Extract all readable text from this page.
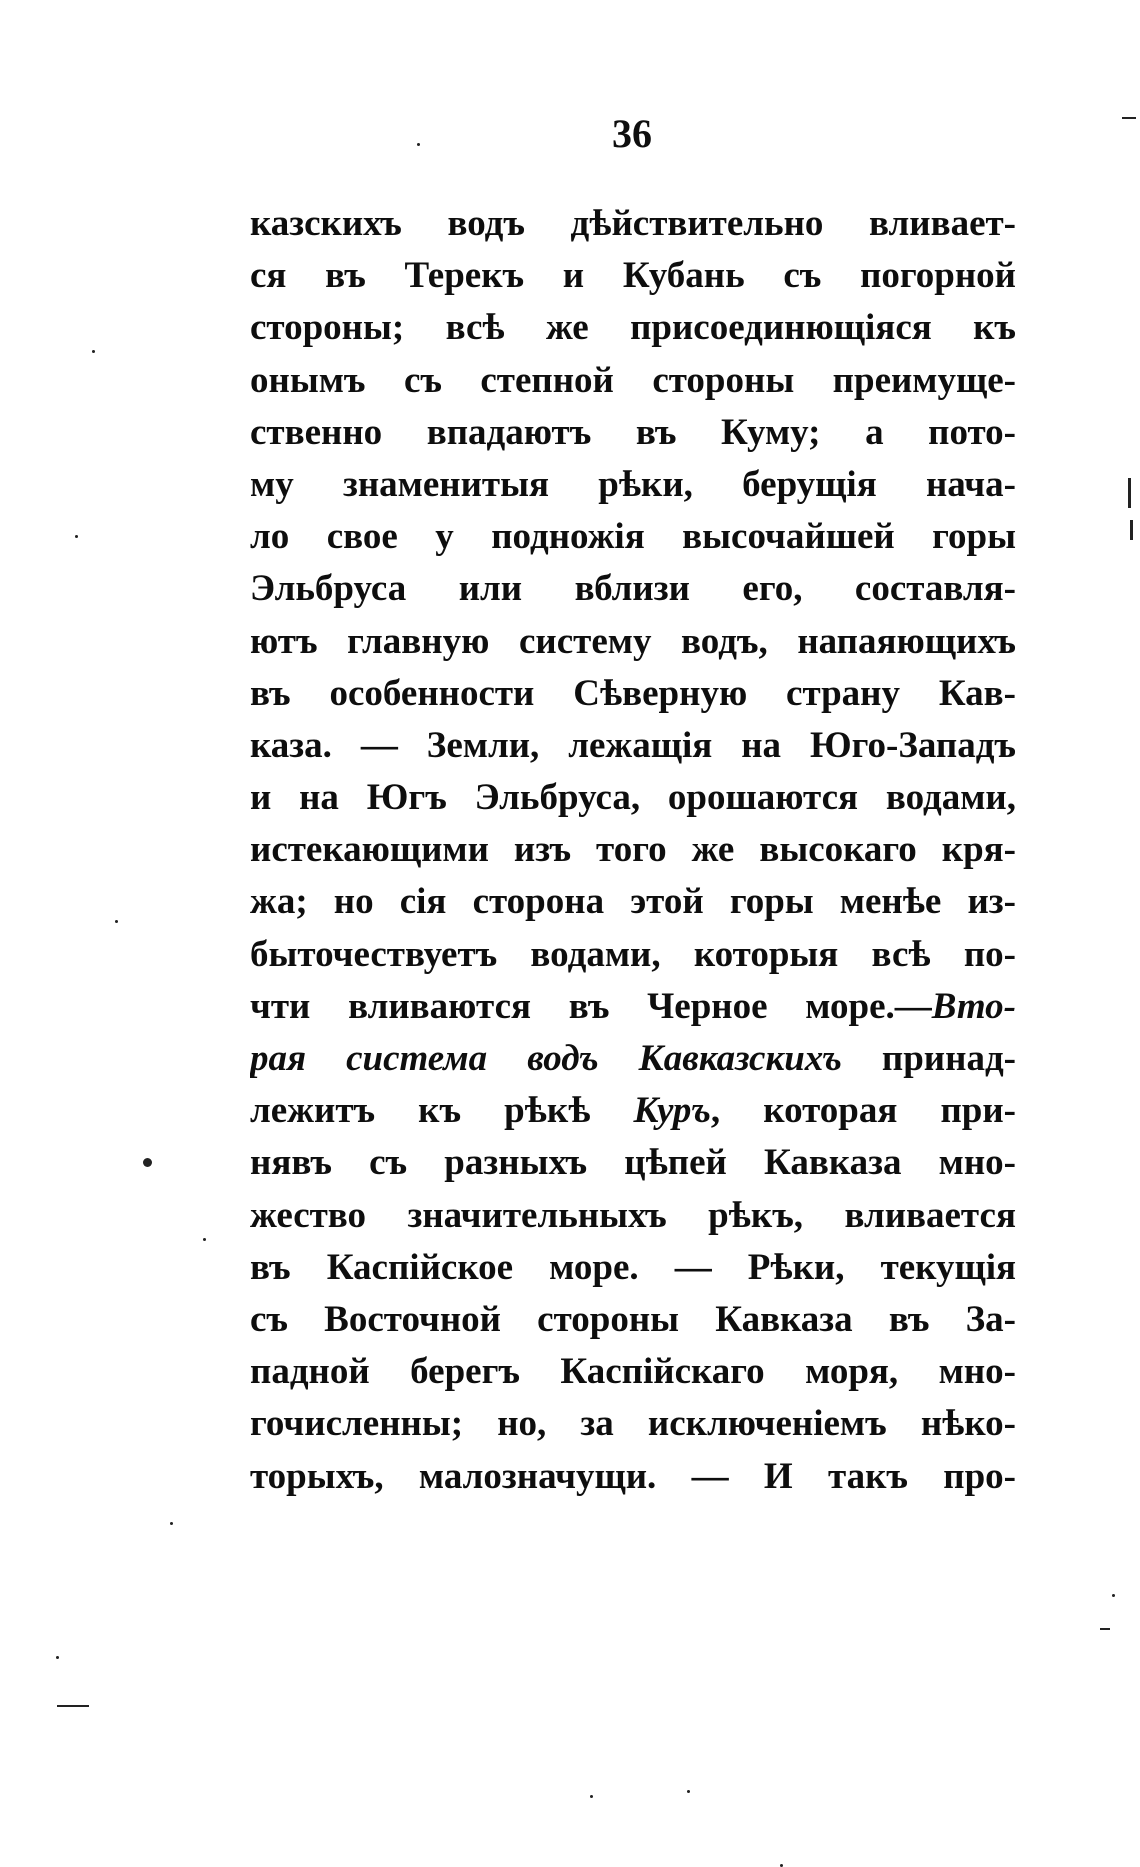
36
казскихъ водъ дѣйствительно вливает-
ся въ Терекъ и Кубань съ погорной
стороны; всѣ же присоединющіяся къ
онымъ съ степной стороны преимуще-
ственно впадаютъ въ Куму; а пото-
му знаменитыя рѣки, берущія нача-
ло свое у подножія высочайшей горы
Эльбруса или вблизи его, составля-
ютъ главную систему водъ, напаяющихъ
въ особенности Сѣверную страну Кав-
каза. — Земли, лежащія на Юго-Западъ
и на Югъ Эльбруса, орошаются водами,
истекающими изъ того же высокаго кря-
жа; но сія сторона этой горы менѣе из-
быточествуетъ водами, которыя всѣ по-
чти вливаются въ Черное море.—Вто-
рая система водъ Кавказскихъ принад-
лежитъ къ рѣкѣ Куръ, которая при-
нявъ съ разныхъ цѣпей Кавказа мно-
жество значительныхъ рѣкъ, вливается
въ Каспійское море. — Рѣки, текущія
съ Восточной стороны Кавказа въ За-
падной берегъ Каспійскаго моря, мно-
гочисленны; но, за исключеніемъ нѣко-
торыхъ, малозначущи. — И такъ про-
